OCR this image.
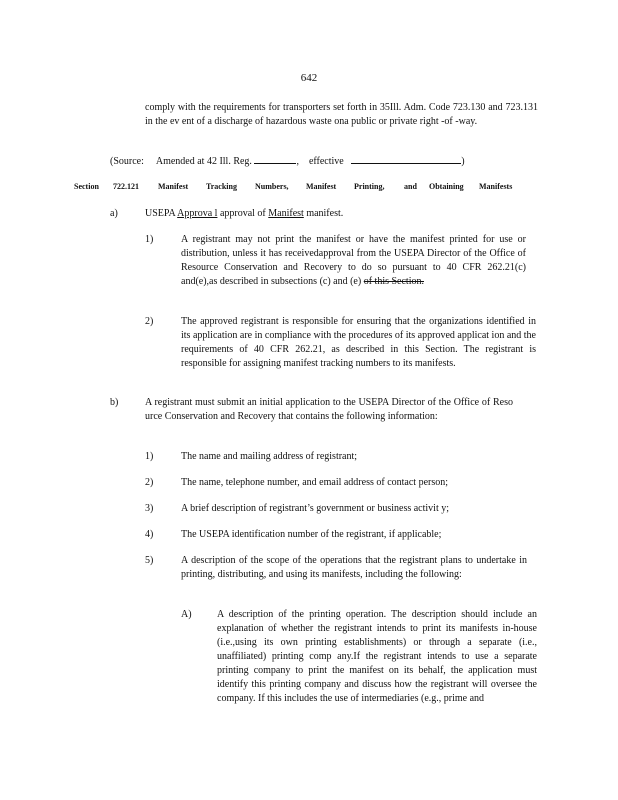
642
comply with the requirements for transporters set forth in 35Ill. Adm. Code 723.130 and 723.131 in the ev ent of a discharge of hazardous waste ona public or private right -of -way.
(Source: Amended at 42 Ill. Reg.	, effective	)
Section 722.121 Manifest Tracking Numbers, Manifest Printing, and Obtaining Manifests
a)	USEPA Approva l approval of Manifest manifest.
1)	A registrant may not print the manifest or have the manifest printed for use or distribution, unless it has receivedapproval from the USEPA Director of the Office of Resource Conservation and Recovery to do so pursuant to 40 CFR 262.21(c) and(e),as described in subsections (c) and (e) of this Section.
2)	The approved registrant is responsible for ensuring that the organizations identified in its application are in compliance with the procedures of its approved applicat ion and the requirements of 40 CFR 262.21, as described in this Section. The registrant is responsible for assigning manifest tracking numbers to its manifests.
b)	A registrant must submit an initial application to the USEPA Director of the Office of Reso urce Conservation and Recovery that contains the following information:
1)	The name and mailing address of registrant;
2)	The name, telephone number, and email address of contact person;
3)	A brief description of registrant’s government or business activit y;
4)	The USEPA identification number of the registrant, if applicable;
5)	A description of the scope of the operations that the registrant plans to undertake in printing, distributing, and using its manifests, including the following:
A)	A description of the printing operation. The description should include an explanation of whether the registrant intends to print its manifests in-house (i.e.,using its own printing establishments) or through a separate (i.e., unaffiliated) printing comp any.If the registrant intends to use a separate printing company to print the manifest on its behalf, the application must identify this printing company and discuss how the registrant will oversee the company. If this includes the use of intermediaries (e.g., prime and
